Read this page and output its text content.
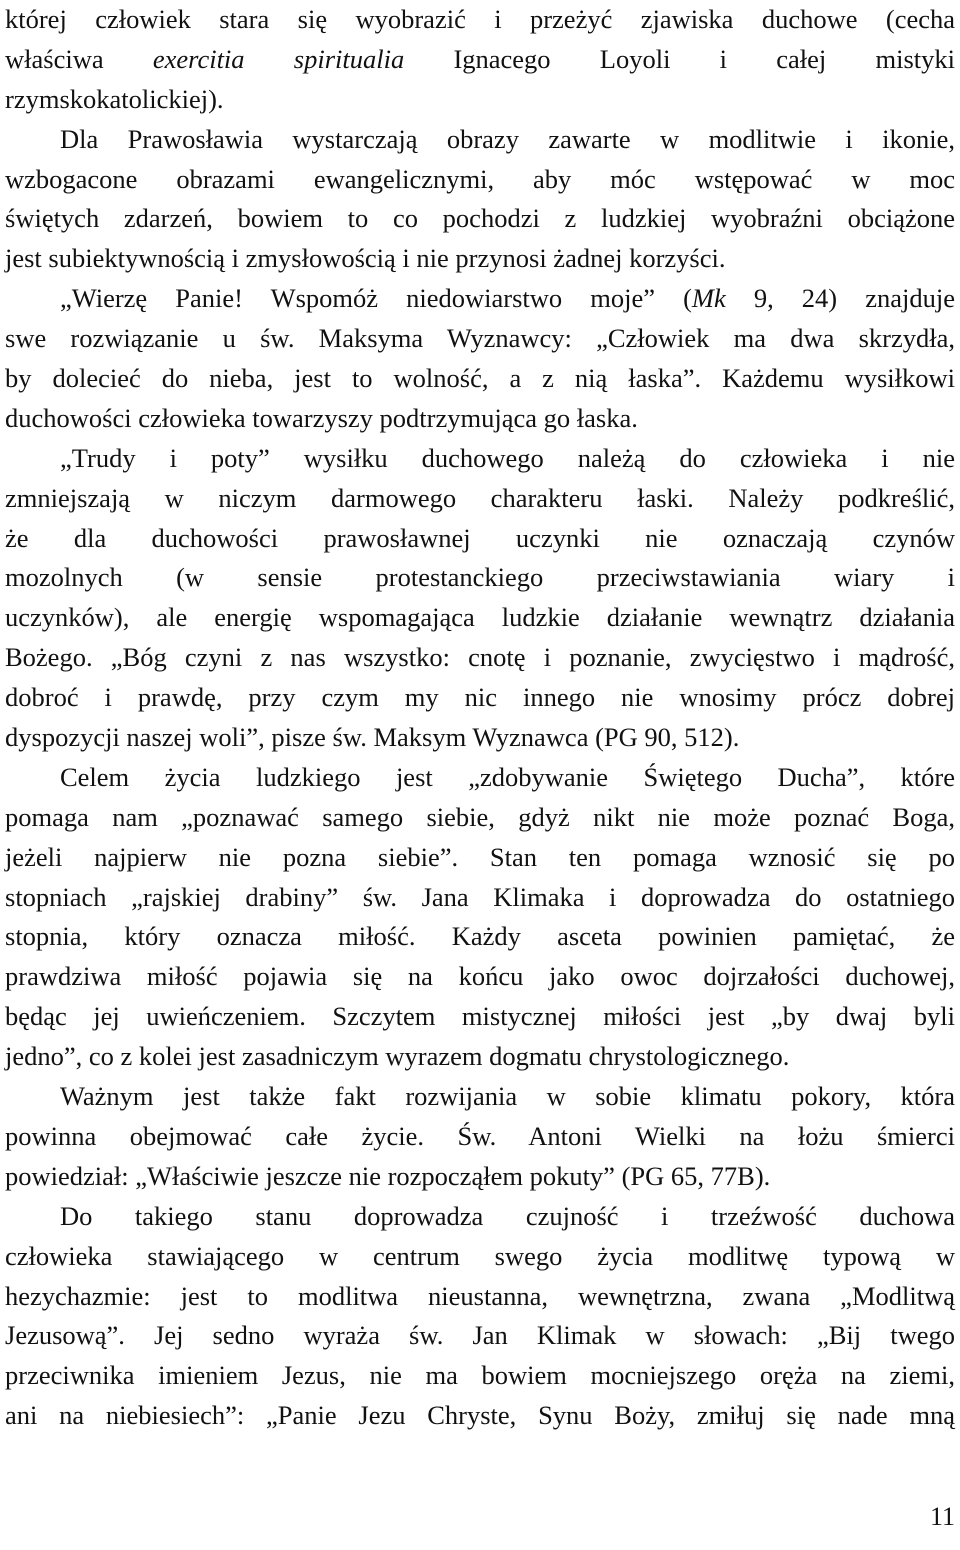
której człowiek stara się wyobrazić i przeżyć zjawiska duchowe (cecha
właściwa exercitia spiritualia Ignacego Loyoli i całej mistyki
rzymskokatolickiej).
Dla Prawosławia wystarczają obrazy zawarte w modlitwie i ikonie,
wzbogacone obrazami ewangelicznymi, aby móc wstępować w moc
świętych zdarzeń, bowiem to co pochodzi z ludzkiej wyobraźni obciążone
jest subiektywnością i zmysłowością i nie przynosi żadnej korzyści.
„Wierzę Panie! Wspomóż niedowiarstwo moje” (Mk 9, 24) znajduje
swe rozwiązanie u św. Maksyma Wyznawcy: „Człowiek ma dwa skrzydła,
by dolecieć do nieba, jest to wolność, a z nią łaska”. Każdemu wysiłkowi
duchowości człowieka towarzyszy podtrzymująca go łaska.
„Trudy i poty” wysiłku duchowego należą do człowieka i nie
zmniejszają w niczym darmowego charakteru łaski. Należy podkreślić,
że dla duchowości prawosławnej uczynki nie oznaczają czynów
mozolnych (w sensie protestanckiego przeciwstawiania wiary i
uczynków), ale energię wspomagająca ludzkie działanie wewnątrz działania
Bożego. „Bóg czyni z nas wszystko: cnotę i poznanie, zwycięstwo i mądrość,
dobroć i prawdę, przy czym my nic innego nie wnosimy prócz dobrej
dyspozycji naszej woli”, pisze św. Maksym Wyznawca (PG 90, 512).
Celem życia ludzkiego jest „zdobywanie Świętego Ducha”, które
pomaga nam „poznawać samego siebie, gdyż nikt nie może poznać Boga,
jeżeli najpierw nie pozna siebie”. Stan ten pomaga wznosić się po
stopniach „rajskiej drabiny” św. Jana Klimaka i doprowadza do ostatniego
stopnia, który oznacza miłość. Każdy asceta powinien pamiętać, że
prawdziwa miłość pojawia się na końcu jako owoc dojrzałości duchowej,
będąc jej uwieńczeniem. Szczytem mistycznej miłości jest „by dwaj byli
jedno”, co z kolei jest zasadniczym wyrazem dogmatu chrystologicznego.
Ważnym jest także fakt rozwijania w sobie klimatu pokory, która
powinna obejmować całe życie. Św. Antoni Wielki na łożu śmierci
powiedział: „Właściwie jeszcze nie rozpocząłem pokuty” (PG 65, 77B).
Do takiego stanu doprowadza czujność i trzeźwość duchowa
człowieka stawiającego w centrum swego życia modlitwę typową w
hezychazmie: jest to modlitwa nieustanna, wewnętrzna, zwana „Modlitwą
Jezusową”. Jej sedno wyraża św. Jan Klimak w słowach: „Bij twego
przeciwnika imieniem Jezus, nie ma bowiem mocniejszego oręża na ziemi,
ani na niebiesiech”: „Panie Jezu Chryste, Synu Boży, zmiłuj się nade mną
11
